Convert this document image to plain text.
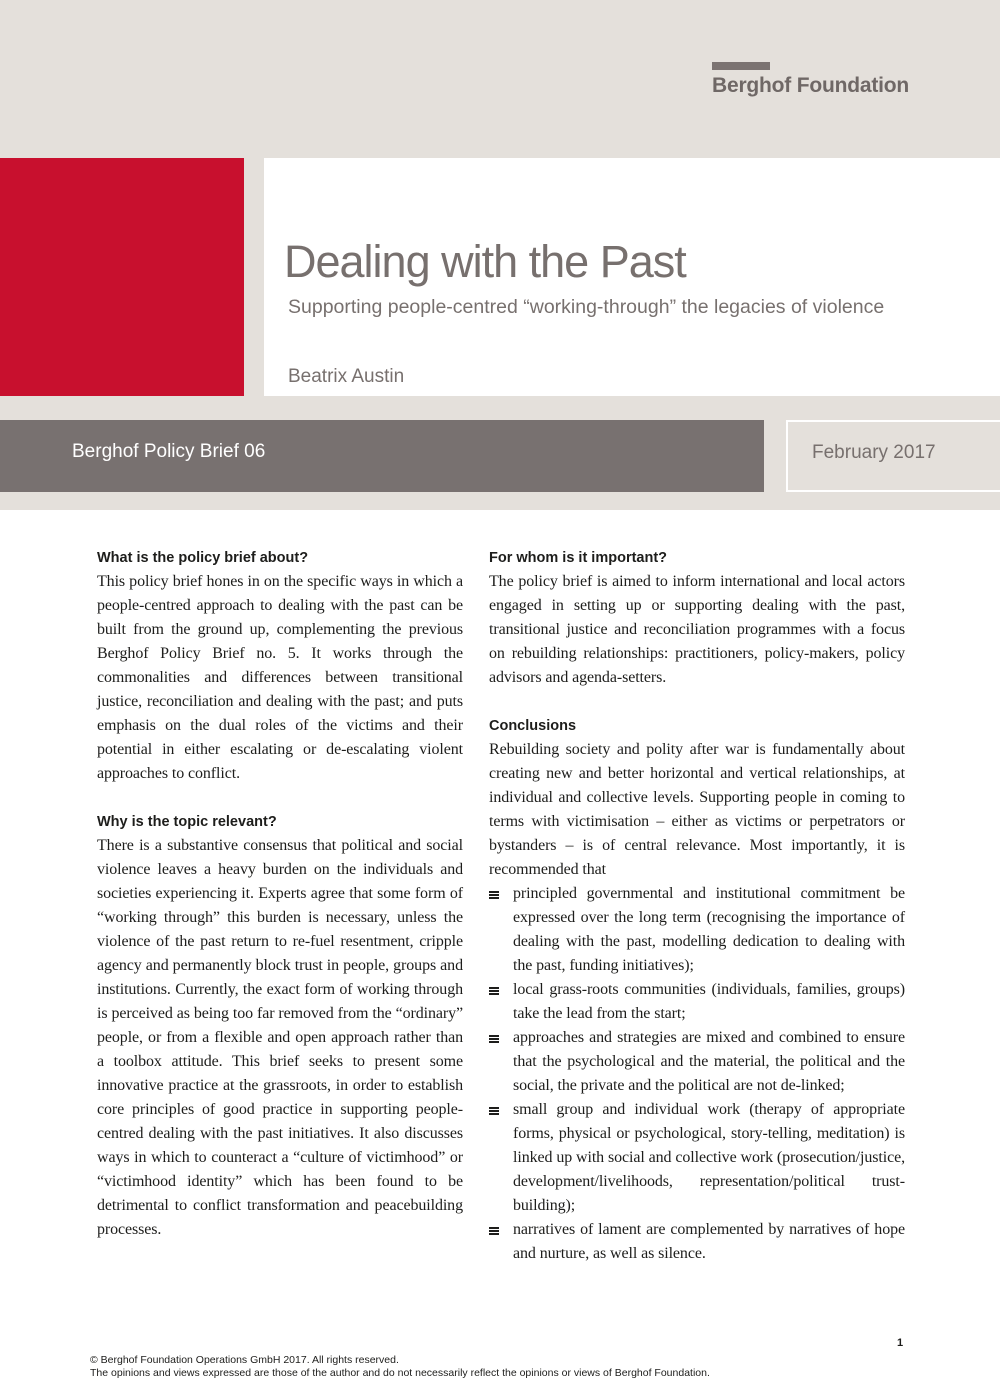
Berghof Foundation
Dealing with the Past
Supporting people-centred “working-through” the legacies of violence
Beatrix Austin
Berghof Policy Brief 06	February 2017
What is the policy brief about?

This policy brief hones in on the specific ways in which a people-centred approach to dealing with the past can be built from the ground up, complementing the previous Berghof Policy Brief no. 5. It works through the commonalities and differences between transitional justice, reconciliation and dealing with the past; and puts emphasis on the dual roles of the victims and their potential in either escalating or de-escalating violent approaches to conflict.

Why is the topic relevant?

There is a substantive consensus that political and social violence leaves a heavy burden on the individuals and societies experiencing it. Experts agree that some form of “working through” this burden is necessary, unless the violence of the past return to re-fuel resentment, cripple agency and permanently block trust in people, groups and institutions. Currently, the exact form of working through is perceived as being too far removed from the “ordinary” people, or from a flexible and open approach rather than a toolbox attitude. This brief seeks to present some innovative practice at the grassroots, in order to establish core principles of good practice in supporting people-centred dealing with the past initiatives. It also discusses ways in which to counteract a “culture of victimhood” or “victimhood identity” which has been found to be detrimental to conflict transformation and peacebuilding processes.

For whom is it important?

The policy brief is aimed to inform international and local actors engaged in setting up or supporting dealing with the past, transitional justice and reconciliation programmes with a focus on rebuilding relationships: practitioners, policy-makers, policy advisors and agenda-setters.

Conclusions

Rebuilding society and polity after war is fundamentally about creating new and better horizontal and vertical relationships, at individual and collective levels. Supporting people in coming to terms with victimisation – either as victims or perpetrators or bystanders – is of central relevance. Most importantly, it is recommended that

principled governmental and institutional commitment be expressed over the long term (recognising the importance of dealing with the past, modelling dedication to dealing with the past, funding initiatives);
local grass-roots communities (individuals, families, groups) take the lead from the start;
approaches and strategies are mixed and combined to ensure that the psychological and the material, the political and the social, the private and the political are not de-linked;
small group and individual work (therapy of appropriate forms, physical or psychological, story-telling, meditation) is linked up with social and collective work (prosecution/justice, development/livelihoods, representation/political trust-building);
narratives of lament are complemented by narratives of hope and nurture, as well as silence.
1
© Berghof Foundation Operations GmbH 2017. All rights reserved.
The opinions and views expressed are those of the author and do not necessarily reflect the opinions or views of Berghof Foundation.
